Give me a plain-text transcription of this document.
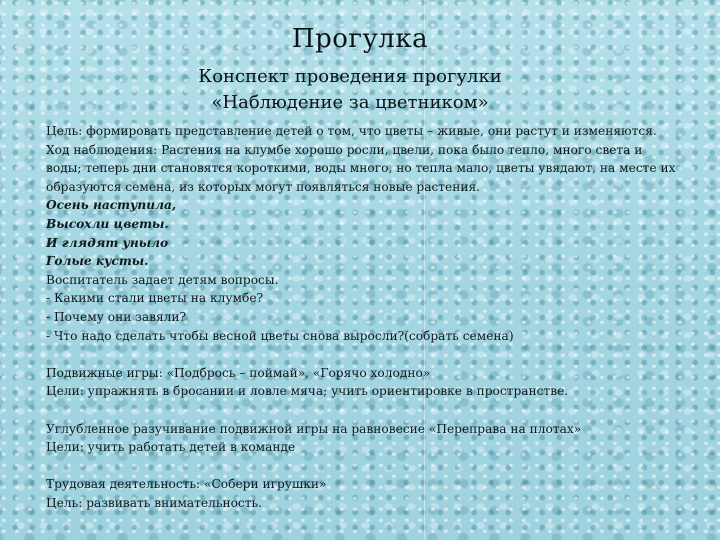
Прогулка
Конспект проведения прогулки
«Наблюдение за цветником»
Цель: формировать представление детей о том, что цветы – живые, они растут и изменяются.
Ход наблюдения: Растения на клумбе хорошо росли, цвели, пока было тепло, много света и
воды; теперь дни становятся короткими, воды много, но тепла мало, цветы увядают, на месте их
образуются семена, из которых могут появляться новые растения.
Осень наступила,
Высохли цветы.
И глядят уныло
Голые кусты.
Воспитатель задает детям вопросы.
- Какими стали цветы на клумбе?
- Почему они завяли?
- Что надо сделать чтобы весной цветы снова выросли?(собрать семена)
Подвижные игры: «Подбрось – поймай», «Горячо холодно»
Цели: упражнять в бросании и ловле мяча; учить ориентировке в пространстве.
Углубленное разучивание подвижной игры на равновесие «Переправа на плотах»
Цели: учить работать детей в команде
Трудовая деятельность: «Собери игрушки»
Цель: развивать внимательность.
